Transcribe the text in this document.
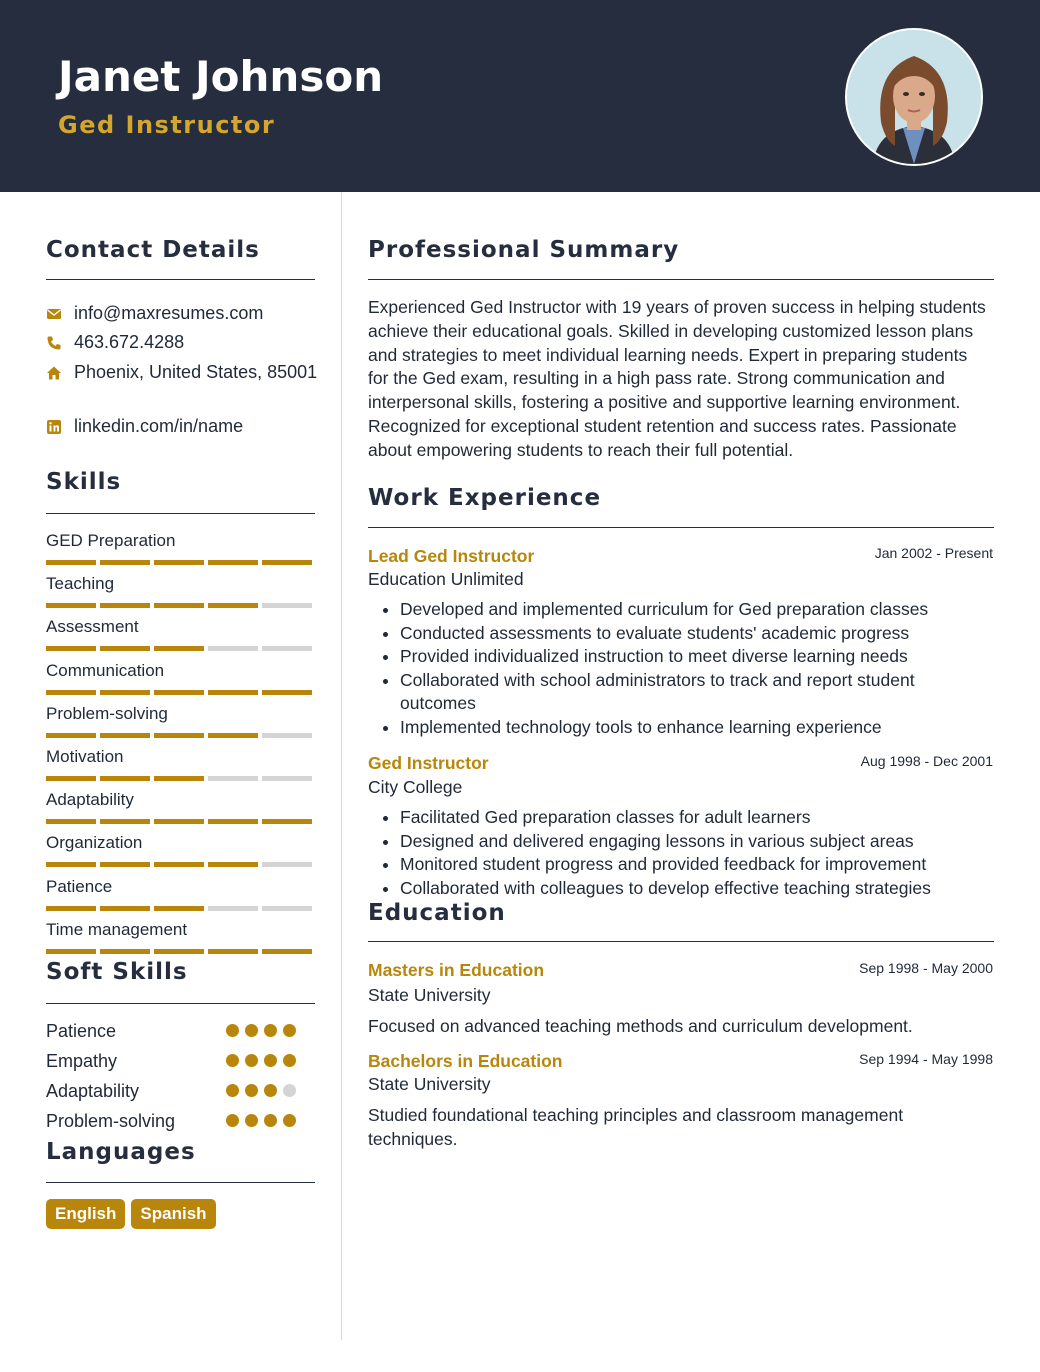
Janet Johnson
Ged Instructor
Contact Details
info@maxresumes.com
463.672.4288
Phoenix, United States, 85001
linkedin.com/in/name
Skills
GED Preparation
Teaching
Assessment
Communication
Problem-solving
Motivation
Adaptability
Organization
Patience
Time management
Soft Skills
Patience
Empathy
Adaptability
Problem-solving
Languages
English	Spanish
Professional Summary
Experienced Ged Instructor with 19 years of proven success in helping students achieve their educational goals. Skilled in developing customized lesson plans and strategies to meet individual learning needs. Expert in preparing students for the Ged exam, resulting in a high pass rate. Strong communication and interpersonal skills, fostering a positive and supportive learning environment. Recognized for exceptional student retention and success rates. Passionate about empowering students to reach their full potential.
Work Experience
Lead Ged Instructor	Jan 2002 - Present
Education Unlimited
• Developed and implemented curriculum for Ged preparation classes
• Conducted assessments to evaluate students' academic progress
• Provided individualized instruction to meet diverse learning needs
• Collaborated with school administrators to track and report student outcomes
• Implemented technology tools to enhance learning experience
Ged Instructor	Aug 1998 - Dec 2001
City College
• Facilitated Ged preparation classes for adult learners
• Designed and delivered engaging lessons in various subject areas
• Monitored student progress and provided feedback for improvement
• Collaborated with colleagues to develop effective teaching strategies
Education
Masters in Education	Sep 1998 - May 2000
State University
Focused on advanced teaching methods and curriculum development.
Bachelors in Education	Sep 1994 - May 1998
State University
Studied foundational teaching principles and classroom management techniques.
